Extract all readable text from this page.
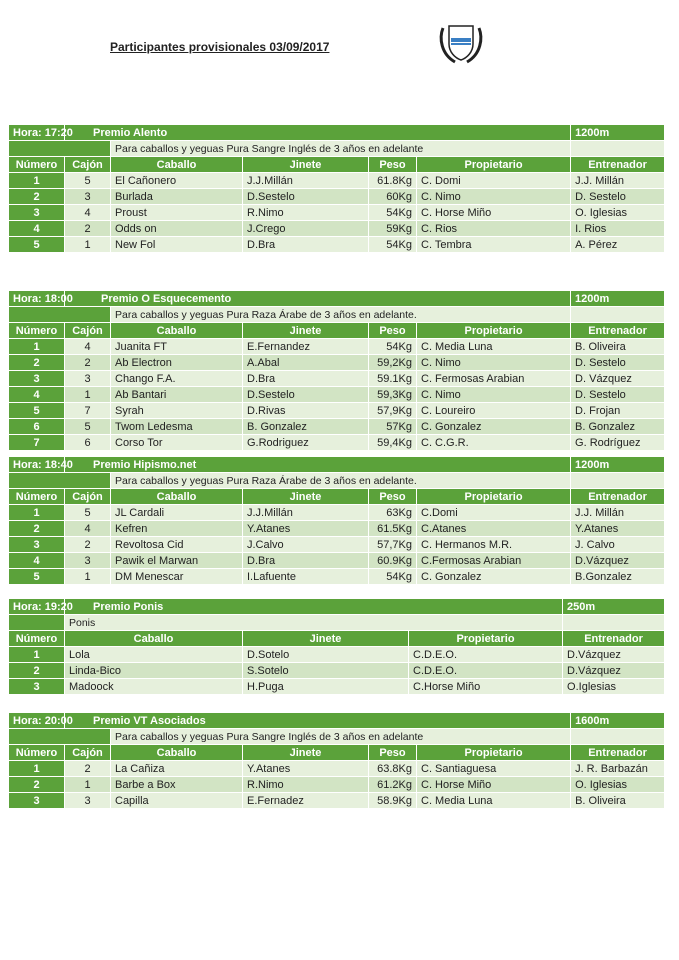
Participantes provisionales 03/09/2017
Hora: 17:20	Premio Alento					1200m
		Para caballos y yeguas Pura Sangre Inglés de 3 años en adelante				
Número	Cajón	Caballo	Jinete	Peso	Propietario	Entrenador
1	5	El Cañonero	J.J.Millán	61.8Kg	C. Domi	J.J. Millán
2	3	Burlada	D.Sestelo	60Kg	C. Nimo	D. Sestelo
3	4	Proust	R.Nimo	54Kg	C. Horse Miño	O. Iglesias
4	2	Odds on	J.Crego	59Kg	C. Rios	I. Rios
5	1	New Fol	D.Bra	54Kg	C. Tembra	A. Pérez
Hora: 18:00	Premio O Esquecemento					1200m
		Para caballos y yeguas Pura Raza Árabe de 3 años en adelante.				
Número	Cajón	Caballo	Jinete	Peso	Propietario	Entrenador
1	4	Juanita FT	E.Fernandez	54Kg	C. Media Luna	B. Oliveira
2	2	Ab Electron	A.Abal	59,2Kg	C. Nimo	D. Sestelo
3	3	Chango F.A.	D.Bra	59.1Kg	C. Fermosas Arabian	D. Vázquez
4	1	Ab Bantari	D.Sestelo	59,3Kg	C. Nimo	D. Sestelo
5	7	Syrah	D.Rivas	57,9Kg	C. Loureiro	D. Frojan
6	5	Twom Ledesma	B. Gonzalez	57Kg	C. Gonzalez	B. Gonzalez
7	6	Corso Tor	G.Rodriguez	59,4Kg	C. C.G.R.	G. Rodríguez
Hora: 18:40	Premio Hipismo.net					1200m
		Para caballos y yeguas Pura Raza Árabe de 3 años en adelante.				
Número	Cajón	Caballo	Jinete	Peso	Propietario	Entrenador
1	5	JL Cardali	J.J.Millán	63Kg	C.Domi	J.J. Millán
2	4	Kefren	Y.Atanes	61.5Kg	C.Atanes	Y.Atanes
3	2	Revoltosa Cid	J.Calvo	57,7Kg	C. Hermanos M.R.	J. Calvo
4	3	Pawik el Marwan	D.Bra	60.9Kg	C.Fermosas Arabian	D.Vázquez
5	1	DM Menescar	I.Lafuente	54Kg	C. Gonzalez	B.Gonzalez
Hora: 19:20	Premio Ponis			250m
	Ponis			
Número	Caballo	Jinete	Propietario	Entrenador
1	Lola	D.Sotelo	C.D.E.O.	D.Vázquez
2	Linda-Bico	S.Sotelo	C.D.E.O.	D.Vázquez
3	Madoock	H.Puga	C.Horse Miño	O.Iglesias
Hora: 20:00	Premio VT Asociados					1600m
		Para caballos y yeguas Pura Sangre Inglés de 3 años en adelante				
Número	Cajón	Caballo	Jinete	Peso	Propietario	Entrenador
1	2	La Cañiza	Y.Atanes	63.8Kg	C. Santiaguesa	J. R. Barbazán
2	1	Barbe a Box	R.Nimo	61.2Kg	C. Horse Miño	O. Iglesias
3	3	Capilla	E.Fernadez	58.9Kg	C. Media Luna	B. Oliveira
